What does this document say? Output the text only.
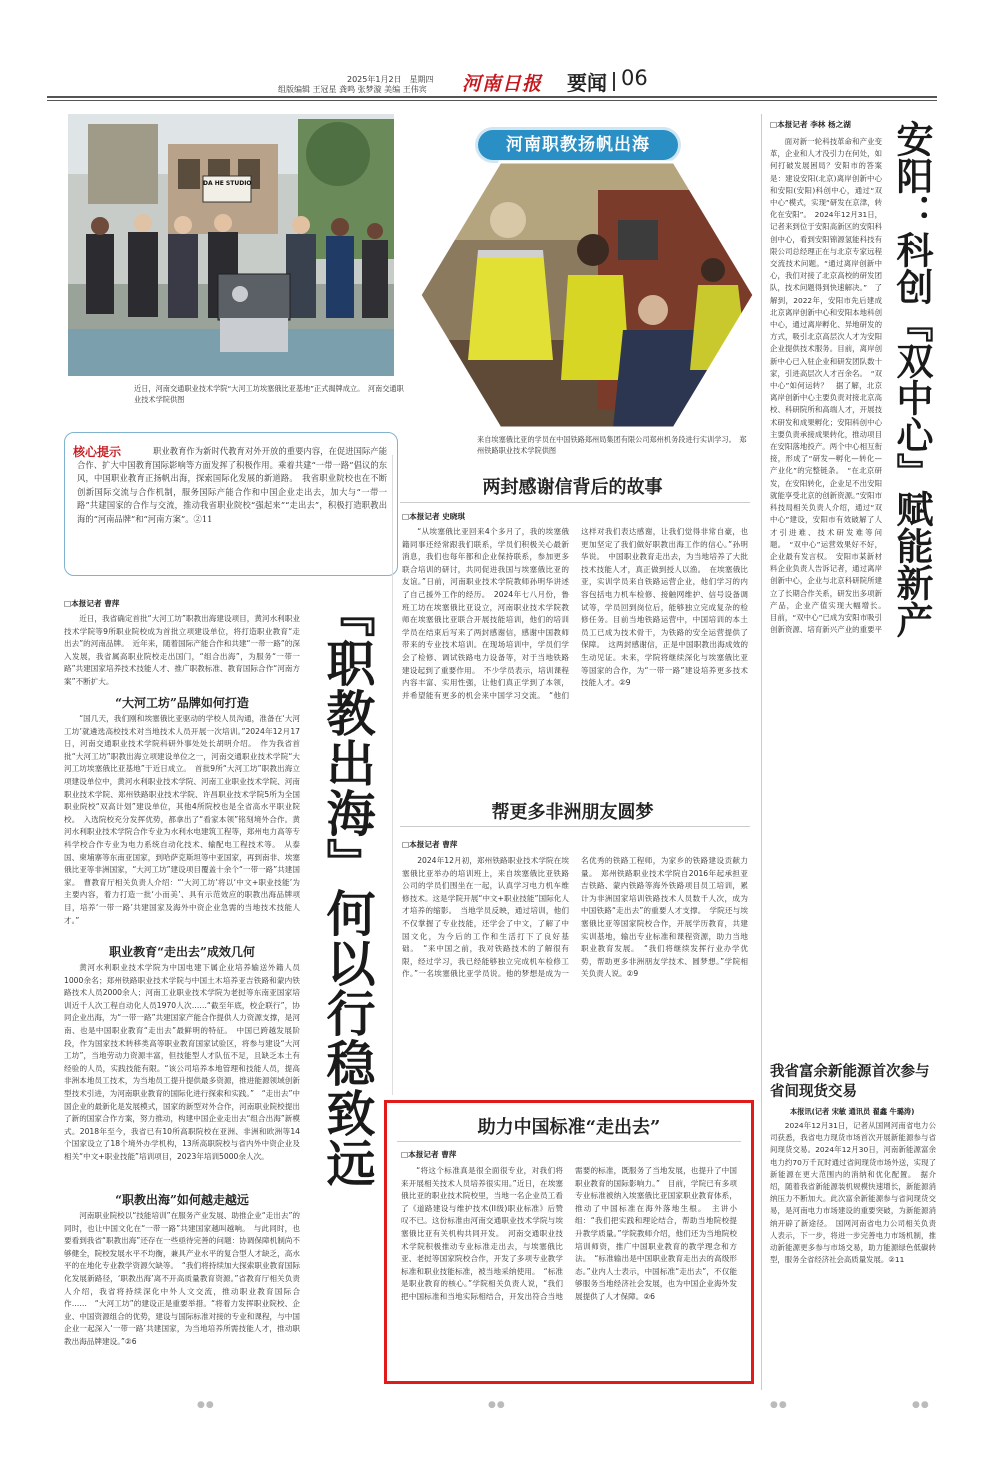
2025年1月2日　星期四
组版编辑 王冠星 龚鸣 张梦漩 美编 王伟宾 河南日报 要闻 06
DA HE STUDIO
近日，河南交通职业技术学院“大河工坊埃塞俄比亚基地”正式揭牌成立。　河南交通职业技术学院供图
河南职教扬帆出海
来自埃塞俄比亚的学员在中国铁路郑州局集团有限公司郑州机务段进行实训学习。　郑州铁路职业技术学院供图
核心提示	职业教育作为新时代教育对外开放的重要内容，在促进国际产能合作、扩大中国教育国际影响等方面发挥了积极作用。乘着共建“一带一路”倡议的东风，中国职业教育正扬帆出海，探索国际化发展的新道路。　我省职业院校也在不断创新国际交流与合作机制，服务国际产能合作和中国企业走出去，加大与“一带一路”共建国家的合作与交流，推动我省职业院校“强起来”“走出去”，积极打造职教出海的“河南品牌”和“河南方案”。②11
□本报记者 曹萍
近日，我省确定首批“大河工坊”职教出海建设项目，黄河水利职业技术学院等9所职业院校成为首批立项建设单位，将打造职业教育“走出去”的河南品牌。　近年来，随着国际产能合作和共建“一带一路”的深入发展，我省属高职业院校走出国门，“组合出海”，为服务“一带一路”共建国家培养技术技能人才、推广职教标准、教育国际合作“河南方案”不断扩大。
“大河工坊”品牌如何打造
“国几天，我们刚和埃塞俄比亚驱动的学校人员沟通，准备在‘大河工坊’就遴选高校技术对当地技术人员开展一次培训。”2024年12月17日，河南交通职业技术学院科研外事处处长胡明介绍。　作为我省首批“大河工坊”职教出海立项建设单位之一，河南交通职业技术学院“大河工坊埃塞俄比亚基地”于近日成立。　首批9所“大河工坊”职教出海立项建设单位中，黄河水利职业技术学院、河南工业职业技术学院、河南职业技术学院、郑州铁路职业技术学院、许昌职业技术学院5所为全国职业院校“双高计划”建设单位，其他4所院校也是全省高水平职业院校。　入选院校充分发挥优势，都拿出了“看家本领”铭刻境外合作。黄河水利职业技术学院合作专业为水利水电建筑工程等，郑州电力高等专科学校合作专业为电力系统自动化技术、输配电工程技术等。　从泰国、柬埔寨等东南亚国家，到哈萨克斯坦等中亚国家，再到南非、埃塞俄比亚等非洲国家，“大河工坊”建设项目覆盖十余个“一带一路”共建国家。　曹教育厅相关负责人介绍：“‘大河工坊’将以‘中文+职业技能’为主要内容，着力打造一批‘小而美’、具有示范效应的职教出海品牌项目，培养‘一带一路’共建国家及海外中资企业急需的当地技术技能人才。”
职业教育“走出去”成效几何
黄河水利职业技术学院为中国电建下属企业培养输送外籍人员1000余名；郑州铁路职业技术学院与中国土木培养亚吉铁路和蒙内铁路技术人员2000余人；河南工业职业技术学院为老挝等东南亚国家培训近千人次工程自动化人员1970人次……“截至年底，校企联行”，协同企业出海，为“一带一路”共建国家产能合作提供人力资源支撑，是河南、也是中国职业教育“走出去”最鲜明的特征。　中国已跨越发展阶段，作为国家技术转移类高等职业教育国家试验区，将参与建设“大河工坊”，当地劳动力资源丰富，但技能型人才队伍不足，且缺乏本土有经验的人员，实践技能有限。“该公司培养本地管理和技能人员，提高非洲本地员工技术，为当地员工提升提供最多资源，推进能源领域创新型技术引进，为河南职业教育的国际化进行探索和实践。”　“走出去”中国企业的最新化是发展模式，国家的新型对外合作，河南职业院校提出了新的国家合作方案，努力推动，构建中国企业走出去“组合出海”新模式。2018年至今，我省已有10所高职院校在亚洲、非洲和欧洲等14个国家设立了18个境外办学机构，13所高职院校与省内外中资企业及相关“中文+职业技能”培训项目，2023年培训5000余人次。
“职教出海”如何越走越远
河南职业院校以“技能培训”在服务产业发展、助推企业“走出去”的同时，也让中国文化在“一带一路”共建国家越叫越响。　与此同时，也要看到我省“职教出海”还存在一些亟待完善的问题：协调保障机制尚不够健全，院校发展水平不均衡，兼具产业水平的复合型人才缺乏，高水平的在地化专业教学资源欠缺等。　“我们将持续加大探索职业教育国际化发展新路径，‘职教出海’离不开高质量教育资源。”省教育厅相关负责人介绍，我省将持续深化中外人文交流，推动职业教育国际合作……　“大河工坊”的建设正是重要举措。“将着力发挥职业院校、企业、中国资源组合的优势，建设与国际标准对接的专业和课程，与中国企业一起深入‘一带一路’共建国家，为当地培养所需技能人才，推动职教出海品牌建设。”②6
『职教出海』何以行稳致远
两封感谢信背后的故事
□本报记者 史晓琪
“从埃塞俄比亚回来4个多月了，我的埃塞俄籍同事还经常跟我们联系，学员们积极关心最新消息，我们也每年都和企业保持联系，参加更多联合培训的研讨，共同促进我国与埃塞俄比亚的友谊。”日前，河南职业技术学院教师孙明华讲述了自己援外工作的经历。　2024年七八月份，鲁班工坊在埃塞俄比亚设立，河南职业技术学院教师在埃塞俄比亚联合开展技能培训，他们的培训学员在结束后写来了两封感谢信，感谢中国教师带来的专业技术培训。在现场培训中，学员们学会了检修、调试铁路电力设备等，对于当地铁路建设起到了重要作用。　不少学员表示，培训课程内容丰富、实用性强，让他们真正学到了本领，并希望能有更多的机会来中国学习交流。　“他们这样对我们表达感谢，让我们觉得非常自豪，也更加坚定了我们做好职教出海工作的信心。”孙明华说。　中国职业教育走出去，为当地培养了大批技术技能人才，真正做到授人以渔。　在埃塞俄比亚，实训学员来自铁路运营企业，他们学习的内容包括电力机车检修、接触网维护、信号设备调试等，学员回到岗位后，能够独立完成复杂的检修任务。目前当地铁路运营中，中国培训的本土员工已成为技术骨干，为铁路的安全运营提供了保障。　这两封感谢信，正是中国职教出海成效的生动见证。未来，学院将继续深化与埃塞俄比亚等国家的合作，为“一带一路”建设培养更多技术技能人才。②9
帮更多非洲朋友圆梦
□本报记者 曹萍
2024年12月初，郑州铁路职业技术学院在埃塞俄比亚举办的培训班上，来自埃塞俄比亚铁路公司的学员们围坐在一起，认真学习电力机车维修技术。这是学院开展“中文+职业技能”国际化人才培养的缩影。　当地学员反映，通过培训，他们不仅掌握了专业技能，还学会了中文，了解了中国文化，为今后的工作和生活打下了良好基础。　“来中国之前，我对铁路技术的了解很有限，经过学习，我已经能够独立完成机车检修工作。”一名埃塞俄比亚学员说。他的梦想是成为一名优秀的铁路工程师，为家乡的铁路建设贡献力量。　郑州铁路职业技术学院自2016年起承担亚吉铁路、蒙内铁路等海外铁路项目员工培训，累计为非洲国家培训铁路技术人员数千人次，成为中国铁路“走出去”的重要人才支撑。　学院还与埃塞俄比亚等国家院校合作，开展学历教育，共建实训基地，输出专业标准和课程资源，助力当地职业教育发展。　“我们将继续发挥行业办学优势，帮助更多非洲朋友学技术、圆梦想。”学院相关负责人说。②9
助力中国标准“走出去”
□本报记者 曹萍
“将这个标准真是很全面很专业，对我们将来开展相关技术人员培养很实用。”近日，在埃塞俄比亚的职业技术院校里，当地一名企业员工看了《道路建设与维护技术(II级)职业标准》后赞叹不已。这份标准由河南交通职业技术学院与埃塞俄比亚有关机构共同开发。　河南交通职业技术学院积极推动专业标准走出去，与埃塞俄比亚、老挝等国家院校合作，开发了多项专业教学标准和职业技能标准，被当地采纳使用。　“标准是职业教育的核心。”学院相关负责人说，“我们把中国标准和当地实际相结合，开发出符合当地需要的标准，既服务了当地发展，也提升了中国职业教育的国际影响力。”　目前，学院已有多项专业标准被纳入埃塞俄比亚国家职业教育体系，推动了中国标准在海外落地生根。　主讲小组：“我们把实践和理论结合，帮助当地院校提升教学质量。”学院教师介绍，他们还为当地院校培训师资，推广中国职业教育的教学理念和方法。　“标准输出是中国职业教育走出去的高级形态。”业内人士表示，中国标准“走出去”，不仅能够服务当地经济社会发展，也为中国企业海外发展提供了人才保障。②6
□本报记者 李林 杨之湖 安阳：科创『双中心』赋能新产
面对新一轮科技革命和产业变革，企业和人才没引力在何处，如何打破发展困局？安阳市的答案是：建设安阳(北京)离岸创新中心和安阳(安阳)科创中心，通过“双中心”模式，实现“研发在京津，转化在安阳”。　2024年12月31日，记者来到位于安阳高新区的安阳科创中心，看到安阳锦源氢能科技有限公司总经理正在与北京专家远程交流技术问题。“通过离岸创新中心，我们对接了北京高校的研发团队，技术问题得到快速解决。”　了解到，2022年，安阳市先后建成北京离岸创新中心和安阳本地科创中心，通过离岸孵化、异地研发的方式，吸引北京高层次人才为安阳企业提供技术服务。目前，离岸创新中心已入驻企业和研发团队数十家，引进高层次人才百余名。　“双中心”如何运转？　据了解，北京离岸创新中心主要负责对接北京高校、科研院所和高端人才，开展技术研发和成果孵化；安阳科创中心主要负责承接成果转化，推动项目在安阳落地投产。两个中心相互衔接，形成了“研发—孵化—转化—产业化”的完整链条。　“在北京研发，在安阳转化，企业足不出安阳就能享受北京的创新资源。”安阳市科技局相关负责人介绍，通过“双中心”建设，安阳市有效破解了人才引进难、技术研发难等问题。　“双中心”运营效果好不好，企业最有发言权。　安阳市某新材料企业负责人告诉记者，通过离岸创新中心，企业与北京科研院所建立了长期合作关系，研发出多项新产品，企业产值实现大幅增长。　目前，“双中心”已成为安阳市吸引创新资源、培育新兴产业的重要平
我省富余新能源首次参与省间现货交易
本报讯(记者 宋敏 通讯员 翟鑫 牛璐涛)
2024年12月31日，记者从国网河南省电力公司获悉，我省电力现货市场首次开展新能源参与省间现货交易。2024年12月30日，河南新能源富余电力约70万千瓦时通过省间现货市场外送，实现了新能源在更大范围内的消纳和优化配置。　据介绍，随着我省新能源装机规模快速增长，新能源消纳压力不断加大。此次富余新能源参与省间现货交易，是河南电力市场建设的重要突破，为新能源消纳开辟了新途径。　国网河南省电力公司相关负责人表示，下一步，将进一步完善电力市场机制，推动新能源更多参与市场交易，助力能源绿色低碳转型，服务全省经济社会高质量发展。②11
●●	●●	●●	●●
